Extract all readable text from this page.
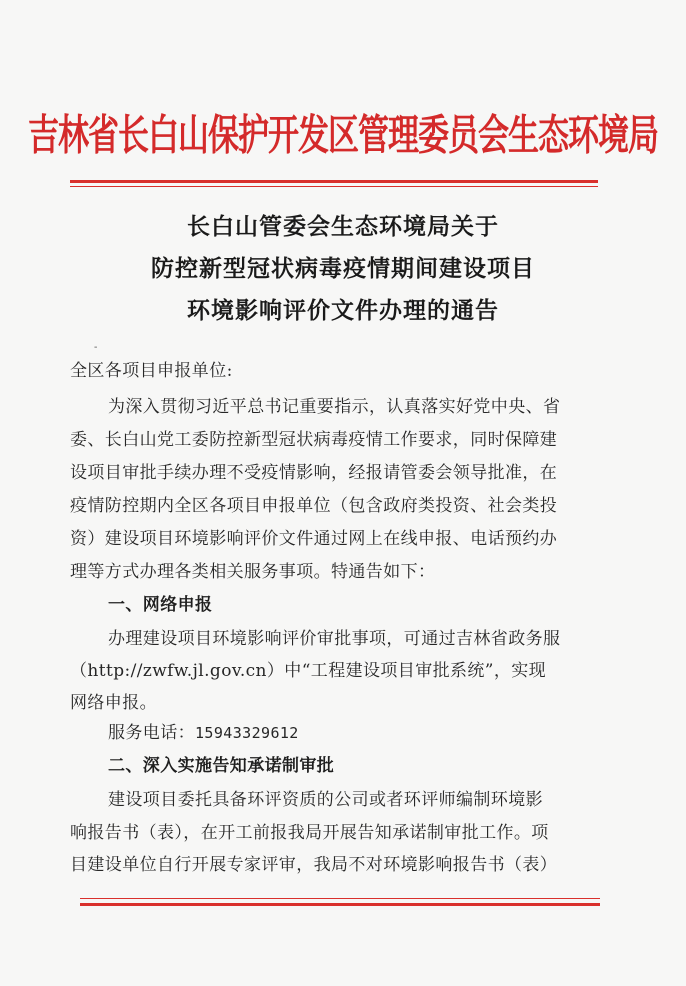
吉林省长白山保护开发区管理委员会生态环境局
长白山管委会生态环境局关于
防控新型冠状病毒疫情期间建设项目
环境影响评价文件办理的通告
-
全区各项目申报单位:
为深入贯彻习近平总书记重要指示，认真落实好党中央、省
委、长白山党工委防控新型冠状病毒疫情工作要求，同时保障建
设项目审批手续办理不受疫情影响，经报请管委会领导批准，在
疫情防控期内全区各项目申报单位（包含政府类投资、社会类投
资）建设项目环境影响评价文件通过网上在线申报、电话预约办
理等方式办理各类相关服务事项。特通告如下：
一、网络申报
办理建设项目环境影响评价审批事项，可通过吉林省政务服
（http://zwfw.jl.gov.cn）中“工程建设项目审批系统”，实现
网络申报。
服务电话：15943329612
二、深入实施告知承诺制审批
建设项目委托具备环评资质的公司或者环评师编制环境影
响报告书（表），在开工前报我局开展告知承诺制审批工作。项
目建设单位自行开展专家评审，我局不对环境影响报告书（表）
